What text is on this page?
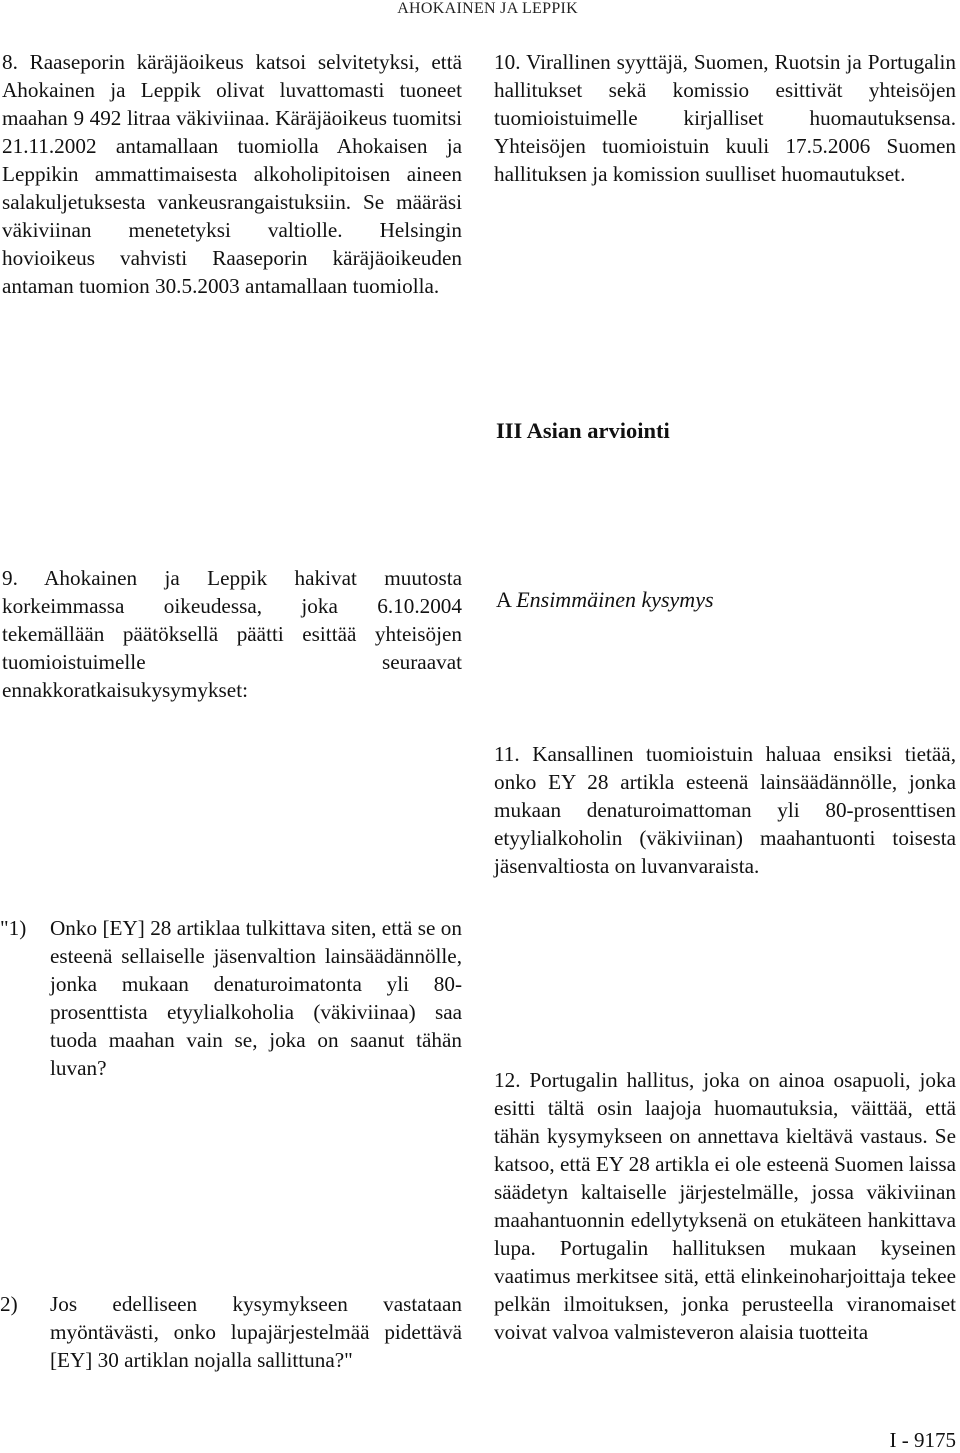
AHOKAINEN JA LEPPIK
8. Raaseporin käräjäoikeus katsoi selvitetyksi, että Ahokainen ja Leppik olivat luvattomasti tuoneet maahan 9 492 litraa väkiviinaa. Käräjäoikeus tuomitsi 21.11.2002 antamallaan tuomiolla Ahokaisen ja Leppikin ammattimaisesta alkoholipitoisen aineen salakuljetuksesta vankeusrangaistuksiin. Se määräsi väkiviinan menetetyksi valtiolle. Helsingin hovioikeus vahvisti Raaseporin käräjäoikeuden antaman tuomion 30.5.2003 antamallaan tuomiolla.
10. Virallinen syyttäjä, Suomen, Ruotsin ja Portugalin hallitukset sekä komissio esittivät yhteisöjen tuomioistuimelle kirjalliset huomautuksensa. Yhteisöjen tuomioistuin kuuli 17.5.2006 Suomen hallituksen ja komission suulliset huomautukset.
III Asian arviointi
9. Ahokainen ja Leppik hakivat muutosta korkeimmassa oikeudessa, joka 6.10.2004 tekemällään päätöksellä päätti esittää yhteisöjen tuomioistuimelle seuraavat ennakkoratkaisukysymykset:
A Ensimmäinen kysymys
11. Kansallinen tuomioistuin haluaa ensiksi tietää, onko EY 28 artikla esteenä lainsäädännölle, jonka mukaan denaturoimattoman yli 80-prosenttisen etyylialkoholin (väkiviinan) maahantuonti toisesta jäsenvaltiosta on luvanvaraista.
"1) Onko [EY] 28 artiklaa tulkittava siten, että se on esteenä sellaiselle jäsenvaltion lainsäädännölle, jonka mukaan denaturoimatonta yli 80-prosenttista etyylialkoholia (väkiviinaa) saa tuoda maahan vain se, joka on saanut tähän luvan?	12. Portugalin hallitus, joka on ainoa osapuoli, joka esitti tältä osin laajoja huomautuksia, väittää, että tähän kysymykseen on annettava kieltävä vastaus. Se katsoo, että EY 28 artikla ei ole esteenä Suomen laissa säädetyn kaltaiselle järjestelmälle, jossa väkiviinan maahantuonnin edellytyksenä on etukäteen hankittava lupa. Portugalin hallituksen mukaan kyseinen vaatimus merkitsee sitä, että elinkeinoharjoittaja tekee pelkän ilmoituksen, jonka perusteella viranomaiset voivat valvoa valmisteveron alaisia tuotteita
2) Jos edelliseen kysymykseen vastataan myöntävästi, onko lupajärjestelmää pidettävä [EY] 30 artiklan nojalla sallittuna?"
I - 9175
